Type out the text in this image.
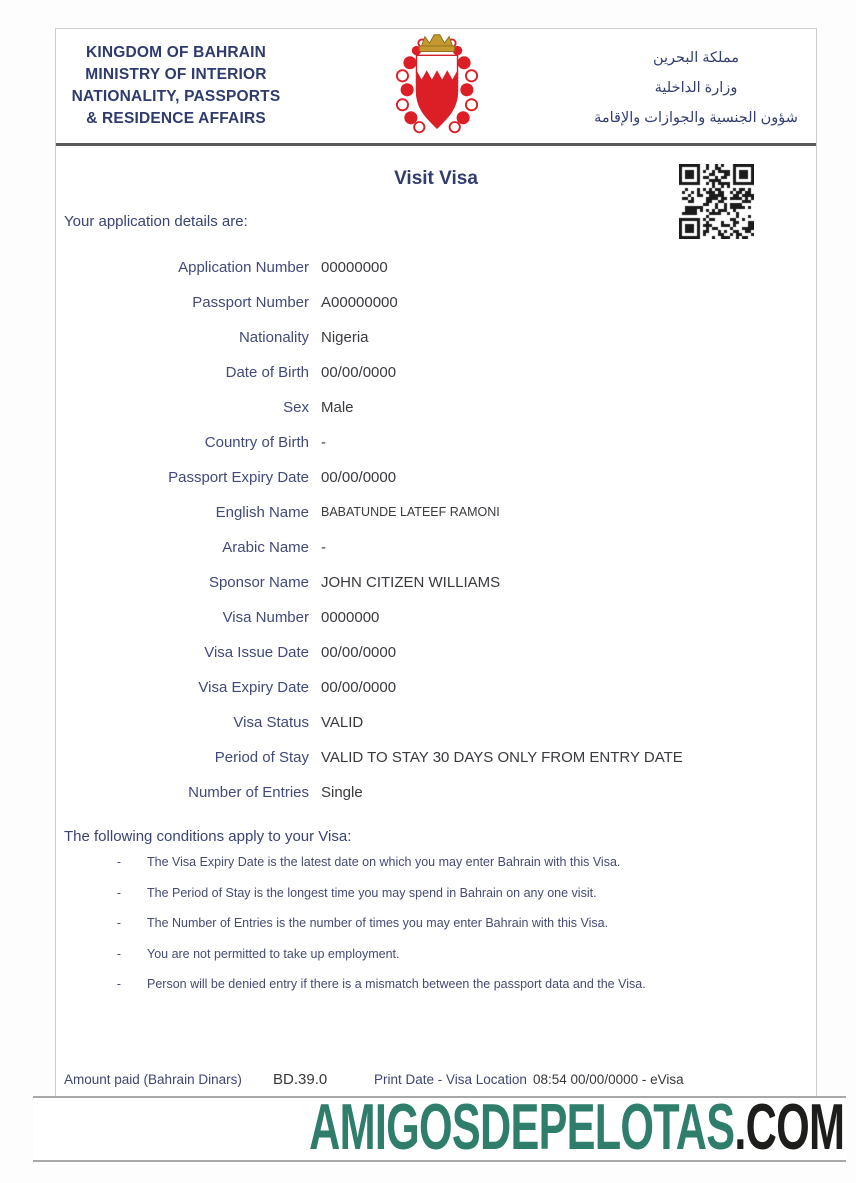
KINGDOM OF BAHRAIN
MINISTRY OF INTERIOR
NATIONALITY, PASSPORTS
& RESIDENCE AFFAIRS
مملكة البحرين
وزارة الداخلية
شؤون الجنسية والجوازات والإقامة
Visit Visa
Your application details are:
Application Number 00000000
Passport Number A00000000
Nationality Nigeria
Date of Birth 00/00/0000
Sex Male
Country of Birth -
Passport Expiry Date 00/00/0000
English Name BABATUNDE LATEEF RAMONI
Arabic Name -
Sponsor Name JOHN CITIZEN WILLIAMS
Visa Number 0000000
Visa Issue Date 00/00/0000
Visa Expiry Date 00/00/0000
Visa Status VALID
Period of Stay VALID TO STAY 30 DAYS ONLY FROM ENTRY DATE
Number of Entries Single
The following conditions apply to your Visa:
- The Visa Expiry Date is the latest date on which you may enter Bahrain with this Visa.
- The Period of Stay is the longest time you may spend in Bahrain on any one visit.
- The Number of Entries is the number of times you may enter Bahrain with this Visa.
- You are not permitted to take up employment.
- Person will be denied entry if there is a mismatch between the passport data and the Visa.
Amount paid (Bahrain Dinars) BD.39.0	Print Date - Visa Location 08:54 00/00/0000 - eVisa
AMIGOSDEPELOTAS.COM
